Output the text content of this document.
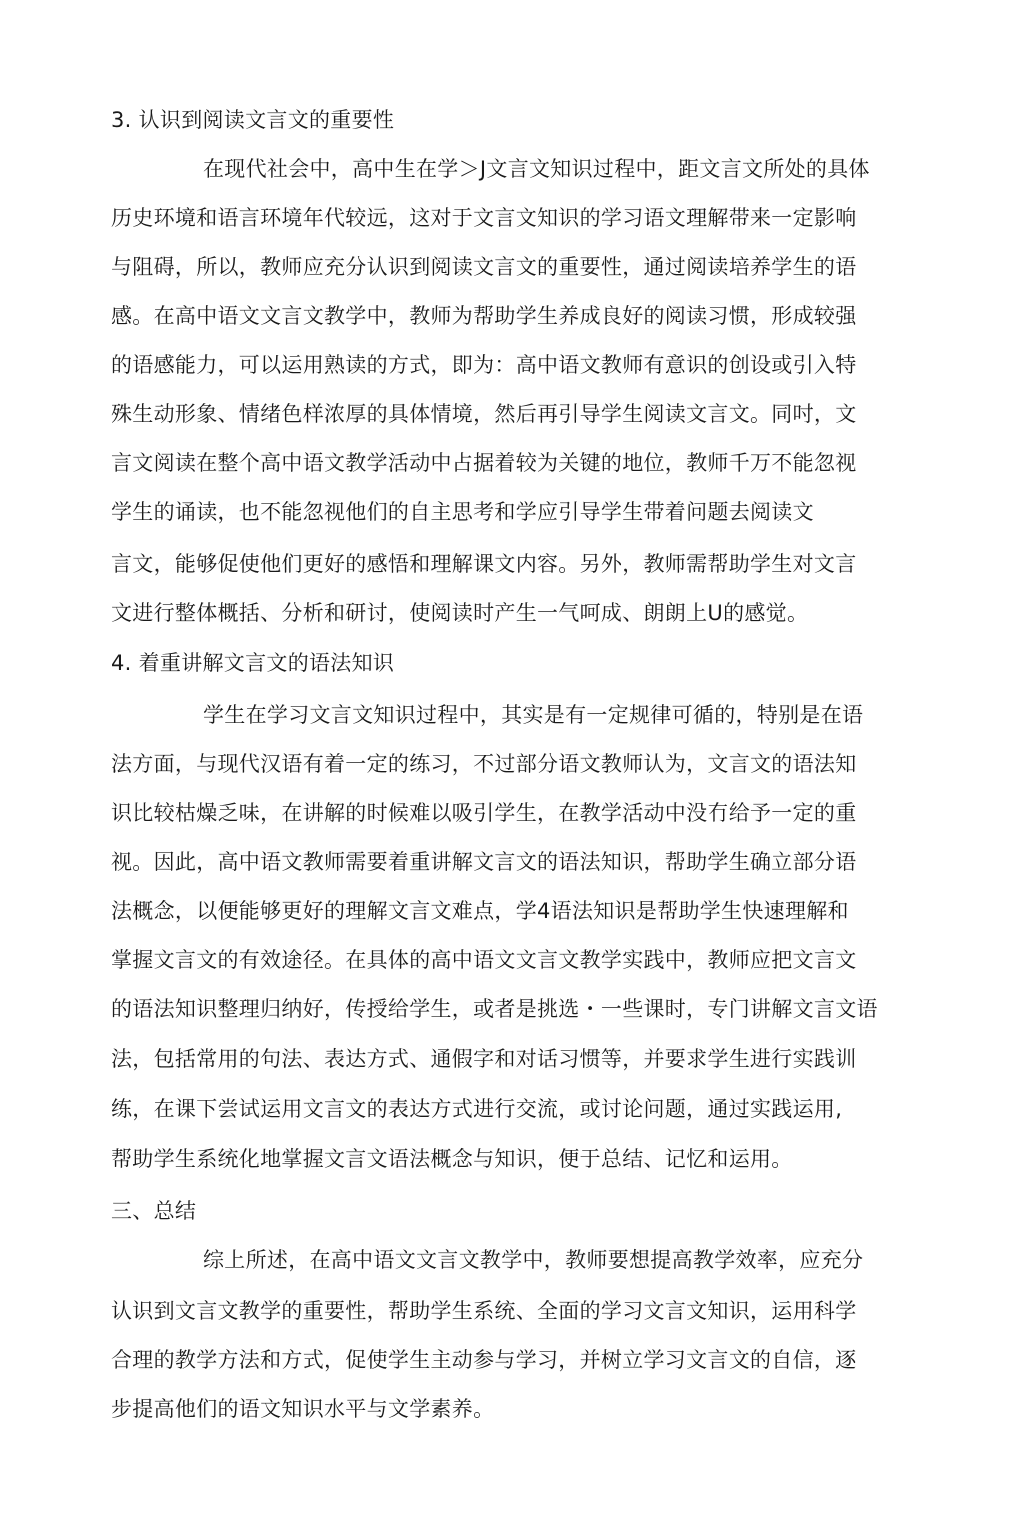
3. 认识到阅读文言文的重要性
在现代社会中，高中生在学＞J文言文知识过程中，距文言文所处的具体
历史环境和语言环境年代较远，这对于文言文知识的学习语文理解带来一定影响
与阻碍，所以，教师应充分认识到阅读文言文的重要性，通过阅读培养学生的语
感。在高中语文文言文教学中，教师为帮助学生养成良好的阅读习惯，形成较强
的语感能力，可以运用熟读的方式，即为：高中语文教师有意识的创设或引入特
殊生动形象、情绪色样浓厚的具体情境，然后再引导学生阅读文言文。同吋，文
言文阅读在整个高中语文教学活动中占据着较为关键的地位，教师千万不能忽视
学生的诵读，也不能忽视他们的自主思考和学应引导学生带着问题去阅读文
言文，能够促使他们更好的感悟和理解课文内容。另外，教师需帮助学生对文言
文进行整体概括、分析和研讨，使阅读时产生一气呵成、朗朗上U的感觉。
4. 着重讲解文言文的语法知识
学生在学习文言文知识过程中，其实是有一定规律可循的，特别是在语
法方面，与现代汉语有着一定的练习，不过部分语文教师认为，文言文的语法知
识比较枯燥乏味，在讲解的时候难以吸引学生，在教学活动中没冇给予一定的重
视。因此，高中语文教师需要着重讲解文言文的语法知识，帮助学生确立部分语
法概念，以便能够更好的理解文言文难点，学4语法知识是帮助学生快速理解和
掌握文言文的有效途径。在具体的高中语文文言文教学实践中，教师应把文言文
的语法知识整理归纳好，传授给学生，或者是挑选・一些课时，专门讲解文言文语
法，包括常用的句法、表达方式、通假字和对话习惯等，并要求学生进行实践训
练，在课下尝试运用文言文的表达方式进行交流，或讨论问题，通过实践运用,
帮助学生系统化地掌握文言文语法概念与知识，便于总结、记忆和运用。
三、总结
综上所述，在高中语文文言文教学中，教师要想提高教学效率，应充分
认识到文言文教学的重要性，帮助学生系统、全面的学习文言文知识，运用科学
合理的教学方法和方式，促使学生主动参与学习，并树立学习文言文的自信，逐
步提高他们的语文知识水平与文学素养。
